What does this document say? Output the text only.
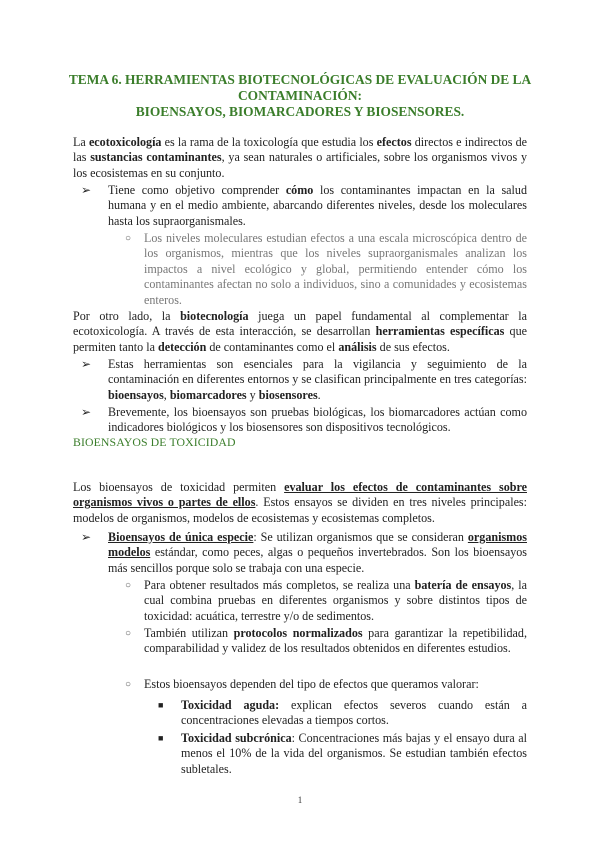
TEMA 6. HERRAMIENTAS BIOTECNOLÓGICAS DE EVALUACIÓN DE LA
CONTAMINACIÓN:
BIOENSAYOS, BIOMARCADORES Y BIOSENSORES.

La ecotoxicología es la rama de la toxicología que estudia los efectos directos e indirectos de las sustancias contaminantes, ya sean naturales o artificiales, sobre los organismos vivos y los ecosistemas en su conjunto.

➢ Tiene como objetivo comprender cómo los contaminantes impactan en la salud humana y en el medio ambiente, abarcando diferentes niveles, desde los moleculares hasta los supraorganismales.
○ Los niveles moleculares estudian efectos a una escala microscópica dentro de los organismos, mientras que los niveles supraorganismales analizan los impactos a nivel ecológico y global, permitiendo entender cómo los contaminantes afectan no solo a individuos, sino a comunidades y ecosistemas enteros.

Por otro lado, la biotecnología juega un papel fundamental al complementar la ecotoxicología. A través de esta interacción, se desarrollan herramientas específicas que permiten tanto la detección de contaminantes como el análisis de sus efectos.

➢ Estas herramientas son esenciales para la vigilancia y seguimiento de la contaminación en diferentes entornos y se clasifican principalmente en tres categorías: bioensayos, biomarcadores y biosensores.
➢ Brevemente, los bioensayos son pruebas biológicas, los biomarcadores actúan como indicadores biológicos y los biosensores son dispositivos tecnológicos.
BIOENSAYOS DE TOXICIDAD

Los bioensayos de toxicidad permiten evaluar los efectos de contaminantes sobre organismos vivos o partes de ellos. Estos ensayos se dividen en tres niveles principales: modelos de organismos, modelos de ecosistemas y ecosistemas completos.

➢ Bioensayos de única especie: Se utilizan organismos que se consideran organismos modelos estándar, como peces, algas o pequeños invertebrados. Son los bioensayos más sencillos porque solo se trabaja con una especie.
○ Para obtener resultados más completos, se realiza una batería de ensayos, la cual combina pruebas en diferentes organismos y sobre distintos tipos de toxicidad: acuática, terrestre y/o de sedimentos.
○ También utilizan protocolos normalizados para garantizar la repetibilidad, comparabilidad y validez de los resultados obtenidos en diferentes estudios.
○ Estos bioensayos dependen del tipo de efectos que queramos valorar:
■ Toxicidad aguda: explican efectos severos cuando están a concentraciones elevadas a tiempos cortos.
■ Toxicidad subcrónica: Concentraciones más bajas y el ensayo dura al menos el 10% de la vida del organismos. Se estudian también efectos subletales.
1
